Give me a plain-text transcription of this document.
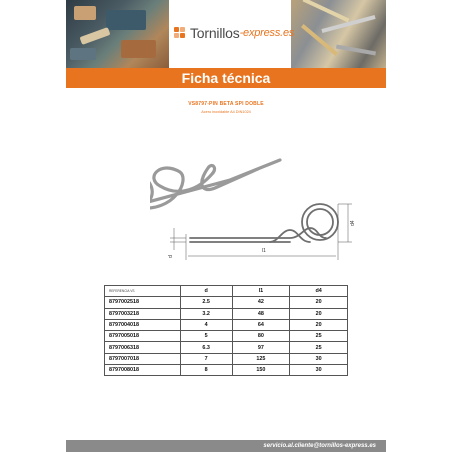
Tornillos -express.es
Ficha técnica
VS8797-PIN BETA SPI DOBLE
Acero inoxidable A4 DIN1024
l1
d4
d
REFERENCIA VS	d	l1	d4
8797002518	2.5	42	20
8797003218	3.2	48	20
8797004018	4	64	20
8797005018	5	80	25
8797006318	6.3	97	25
8797007018	7	125	30
8797008018	8	150	30
servicio.al.cliente@tornillos-express.es
